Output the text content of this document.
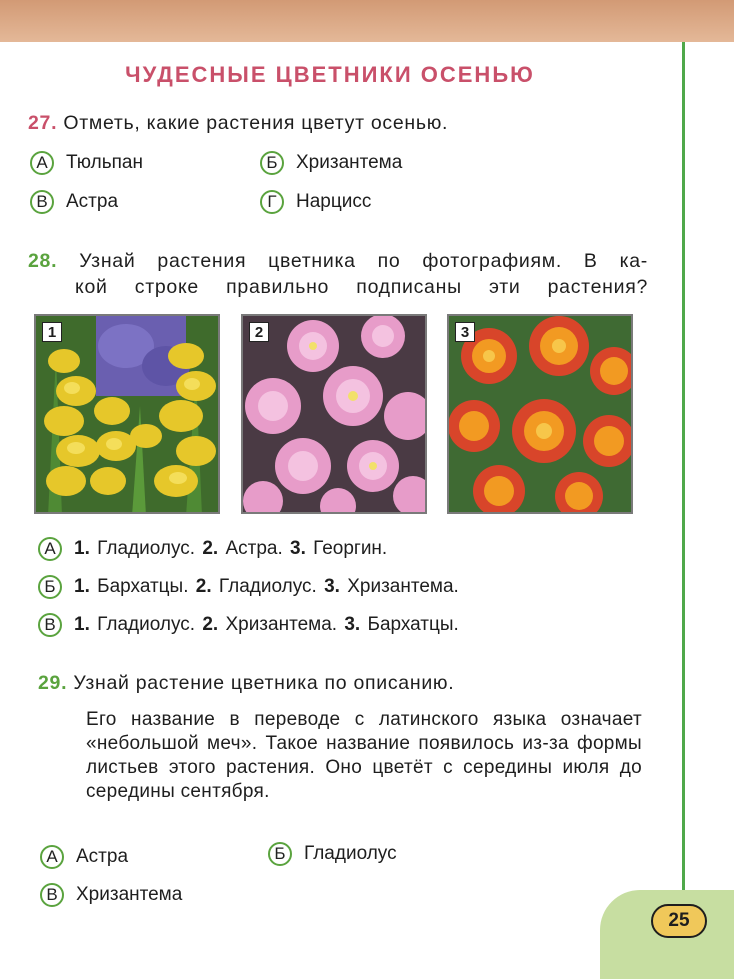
ЧУДЕСНЫЕ ЦВЕТНИКИ ОСЕНЬЮ
27. Отметь, какие растения цветут осенью.
А Тюльпан	Б Хризантема
В Астра	Г	Нарцисс
28. Узнай растения цветника по фотографиям. В ка-
кой строке правильно подписаны эти растения?
1	2	3
А 1. Гладиолус. 2. Астра. 3. Георгин.
Б 1. Бархатцы. 2. Гладиолус. 3. Хризантема.
В 1. Гладиолус. 2. Хризантема. 3. Бархатцы.
29. Узнай растение цветника по описанию.

Его название в переводе с латинского языка означает «небольшой меч». Такое название появилось из-за формы листьев этого растения. Оно цветёт с середины июля до середины сентября.

А Астра	Б Гладиолус
В Хризантема
25
